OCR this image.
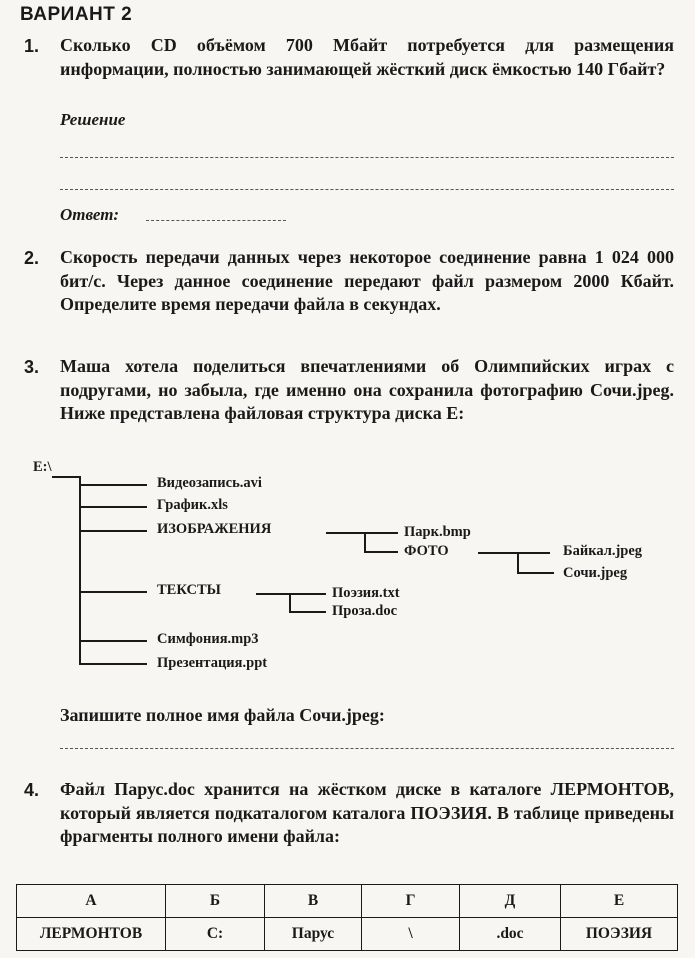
ВАРИАНТ 2
1. Сколько CD объёмом 700 Мбайт потребуется для размещения информации, полностью занимающей жёсткий диск ёмкостью 140 Гбайт?
Решение
Ответ:
2. Скорость передачи данных через некоторое соединение равна 1 024 000 бит/с. Через данное соединение передают файл размером 2000 Кбайт. Определите время передачи файла в секундах.
3. Маша хотела поделиться впечатлениями об Олимпийских играх с подругами, но забыла, где именно она сохранила фотографию Сочи.jpeg. Ниже представлена файловая структура диска E:
E:\
Видеозапись.avi
График.xls
ИЗОБРАЖЕНИЯ	Парк.bmp
ФОТО	Байкал.jpeg
Сочи.jpeg
ТЕКСТЫ	Поэзия.txt
Проза.doc
Симфония.mp3
Презентация.ppt
Запишите полное имя файла Сочи.jpeg:
4. Файл Парус.doc хранится на жёстком диске в каталоге ЛЕРМОНТОВ, который является подкаталогом каталога ПОЭЗИЯ. В таблице приведены фрагменты полного имени файла:
А	Б	В	Г	Д	Е
ЛЕРМОНТОВ	С:	Парус	\	.doc	ПОЭЗИЯ
